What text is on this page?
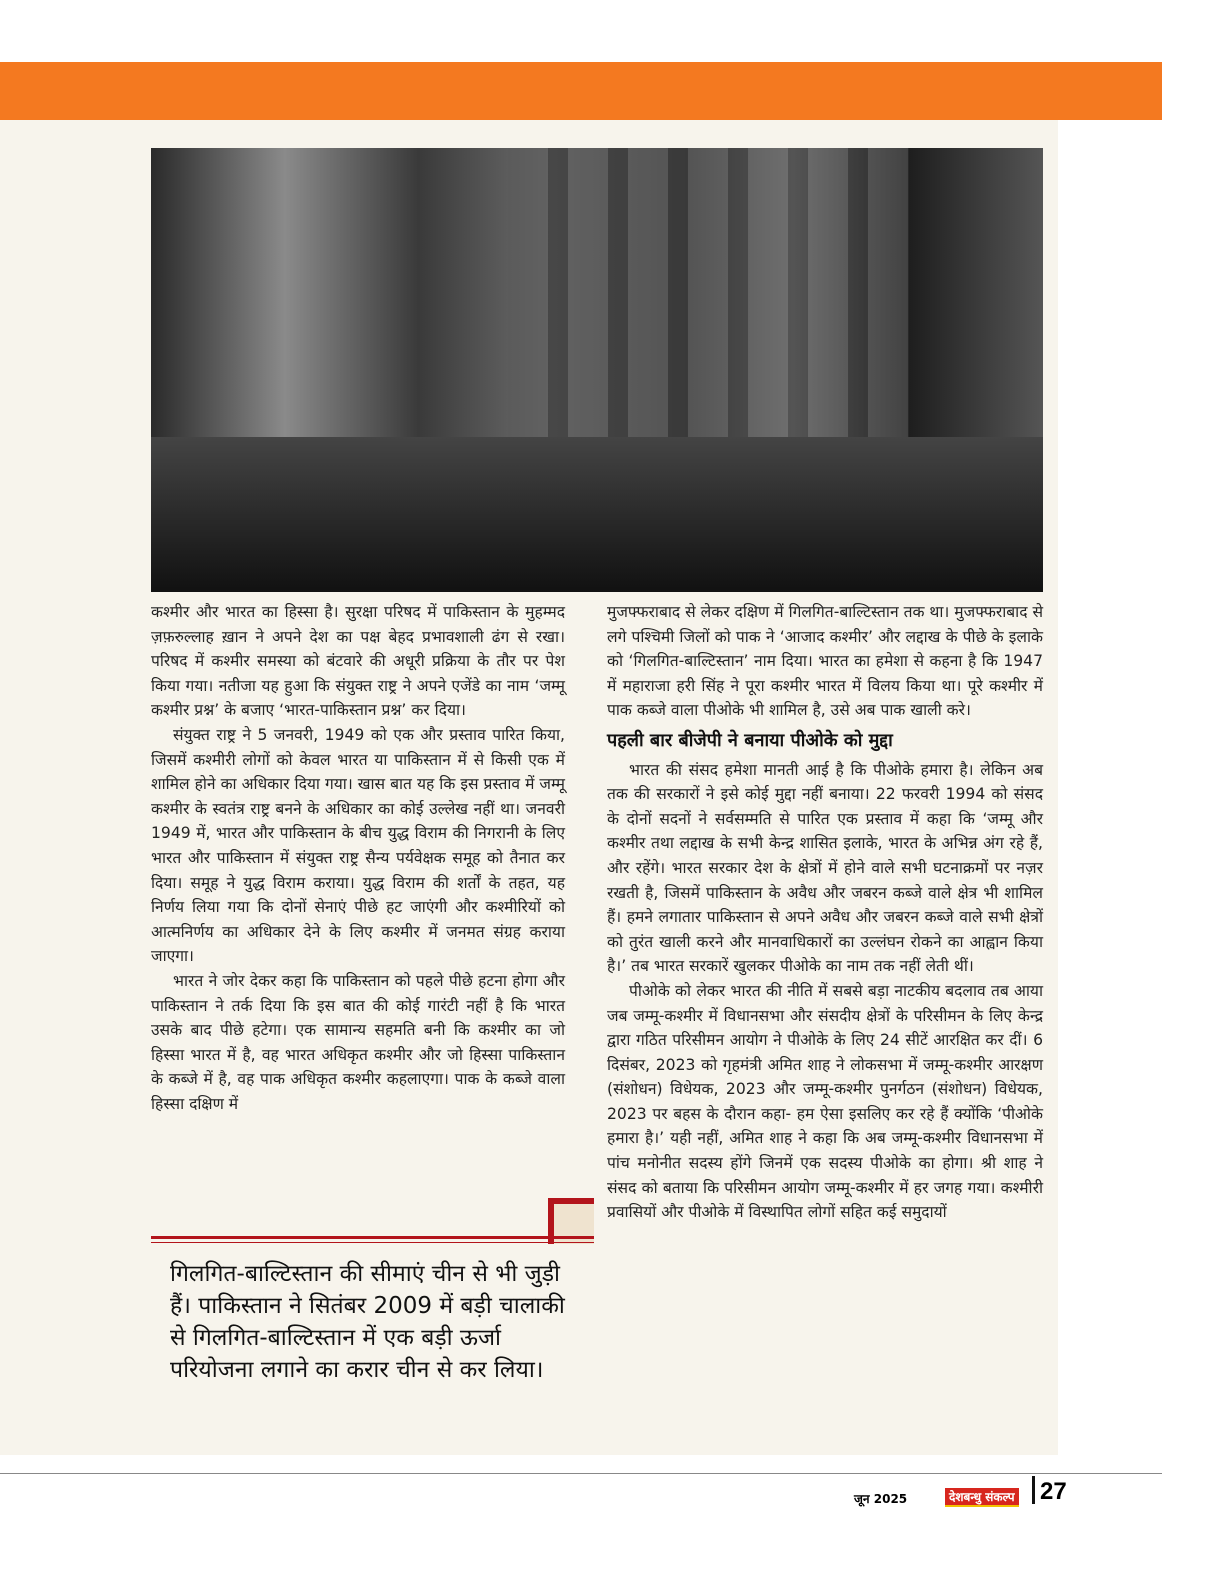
कश्मीर और भारत का हिस्सा है। सुरक्षा परिषद में पाकिस्तान के मुहम्मद ज़फ़रुल्लाह ख़ान ने अपने देश का पक्ष बेहद प्रभावशाली ढंग से रखा। परिषद में कश्मीर समस्या को बंटवारे की अधूरी प्रक्रिया के तौर पर पेश किया गया। नतीजा यह हुआ कि संयुक्त राष्ट्र ने अपने एजेंडे का नाम ‘जम्मू कश्मीर प्रश्न’ के बजाए ‘भारत-पाकिस्तान प्रश्न’ कर दिया।

संयुक्त राष्ट्र ने 5 जनवरी, 1949 को एक और प्रस्ताव पारित किया, जिसमें कश्मीरी लोगों को केवल भारत या पाकिस्तान में से किसी एक में शामिल होने का अधिकार दिया गया। खास बात यह कि इस प्रस्ताव में जम्मू कश्मीर के स्वतंत्र राष्ट्र बनने के अधिकार का कोई उल्लेख नहीं था। जनवरी 1949 में, भारत और पाकिस्तान के बीच युद्ध विराम की निगरानी के लिए भारत और पाकिस्तान में संयुक्त राष्ट्र सैन्य पर्यवेक्षक समूह को तैनात कर दिया। समूह ने युद्ध विराम कराया। युद्ध विराम की शर्तों के तहत, यह निर्णय लिया गया कि दोनों सेनाएं पीछे हट जाएंगी और कश्मीरियों को आत्मनिर्णय का अधिकार देने के लिए कश्मीर में जनमत संग्रह कराया जाएगा।

भारत ने जोर देकर कहा कि पाकिस्तान को पहले पीछे हटना होगा और पाकिस्तान ने तर्क दिया कि इस बात की कोई गारंटी नहीं है कि भारत उसके बाद पीछे हटेगा। एक सामान्य सहमति बनी कि कश्मीर का जो हिस्सा भारत में है, वह भारत अधिकृत कश्मीर और जो हिस्सा पाकिस्तान के कब्जे में है, वह पाक अधिकृत कश्मीर कहलाएगा। पाक के कब्जे वाला हिस्सा दक्षिण में

गिलगित-बाल्टिस्तान की सीमाएं चीन से भी जुड़ी हैं। पाकिस्तान ने सितंबर 2009 में बड़ी चालाकी से गिलगित-बाल्टिस्तान में एक बड़ी ऊर्जा परियोजना लगाने का करार चीन से कर लिया।

मुजफ्फराबाद से लेकर दक्षिण में गिलगित-बाल्टिस्तान तक था। मुजफ्फराबाद से लगे पश्चिमी जिलों को पाक ने ‘आजाद कश्मीर’ और लद्दाख के पीछे के इलाके को ‘गिलगित-बाल्टिस्तान’ नाम दिया। भारत का हमेशा से कहना है कि 1947 में महाराजा हरी सिंह ने पूरा कश्मीर भारत में विलय किया था। पूरे कश्मीर में पाक कब्जे वाला पीओके भी शामिल है, उसे अब पाक खाली करे।

पहली बार बीजेपी ने बनाया पीओके को मुद्दा

भारत की संसद हमेशा मानती आई है कि पीओके हमारा है। लेकिन अब तक की सरकारों ने इसे कोई मुद्दा नहीं बनाया। 22 फरवरी 1994 को संसद के दोनों सदनों ने सर्वसम्मति से पारित एक प्रस्ताव में कहा कि ‘जम्मू और कश्मीर तथा लद्दाख के सभी केन्द्र शासित इलाके, भारत के अभिन्न अंग रहे हैं, और रहेंगे। भारत सरकार देश के क्षेत्रों में होने वाले सभी घटनाक्रमों पर नज़र रखती है, जिसमें पाकिस्तान के अवैध और जबरन कब्जे वाले क्षेत्र भी शामिल हैं। हमने लगातार पाकिस्तान से अपने अवैध और जबरन कब्जे वाले सभी क्षेत्रों को तुरंत खाली करने और मानवाधिकारों का उल्लंघन रोकने का आह्वान किया है।’ तब भारत सरकारें खुलकर पीओके का नाम तक नहीं लेती थीं।

पीओके को लेकर भारत की नीति में सबसे बड़ा नाटकीय बदलाव तब आया जब जम्मू-कश्मीर में विधानसभा और संसदीय क्षेत्रों के परिसीमन के लिए केन्द्र द्वारा गठित परिसीमन आयोग ने पीओके के लिए 24 सीटें आरक्षित कर दीं। 6 दिसंबर, 2023 को गृहमंत्री अमित शाह ने लोकसभा में जम्मू-कश्मीर आरक्षण (संशोधन) विधेयक, 2023 और जम्मू-कश्मीर पुनर्गठन (संशोधन) विधेयक, 2023 पर बहस के दौरान कहा- हम ऐसा इसलिए कर रहे हैं क्योंकि ‘पीओके हमारा है।’ यही नहीं, अमित शाह ने कहा कि अब जम्मू-कश्मीर विधानसभा में पांच मनोनीत सदस्य होंगे जिनमें एक सदस्य पीओके का होगा। श्री शाह ने संसद को बताया कि परिसीमन आयोग जम्मू-कश्मीर में हर जगह गया। कश्मीरी प्रवासियों और पीओके में विस्थापित लोगों सहित कई समुदायों

जून 2025	देशबन्धु संकल्प 27
